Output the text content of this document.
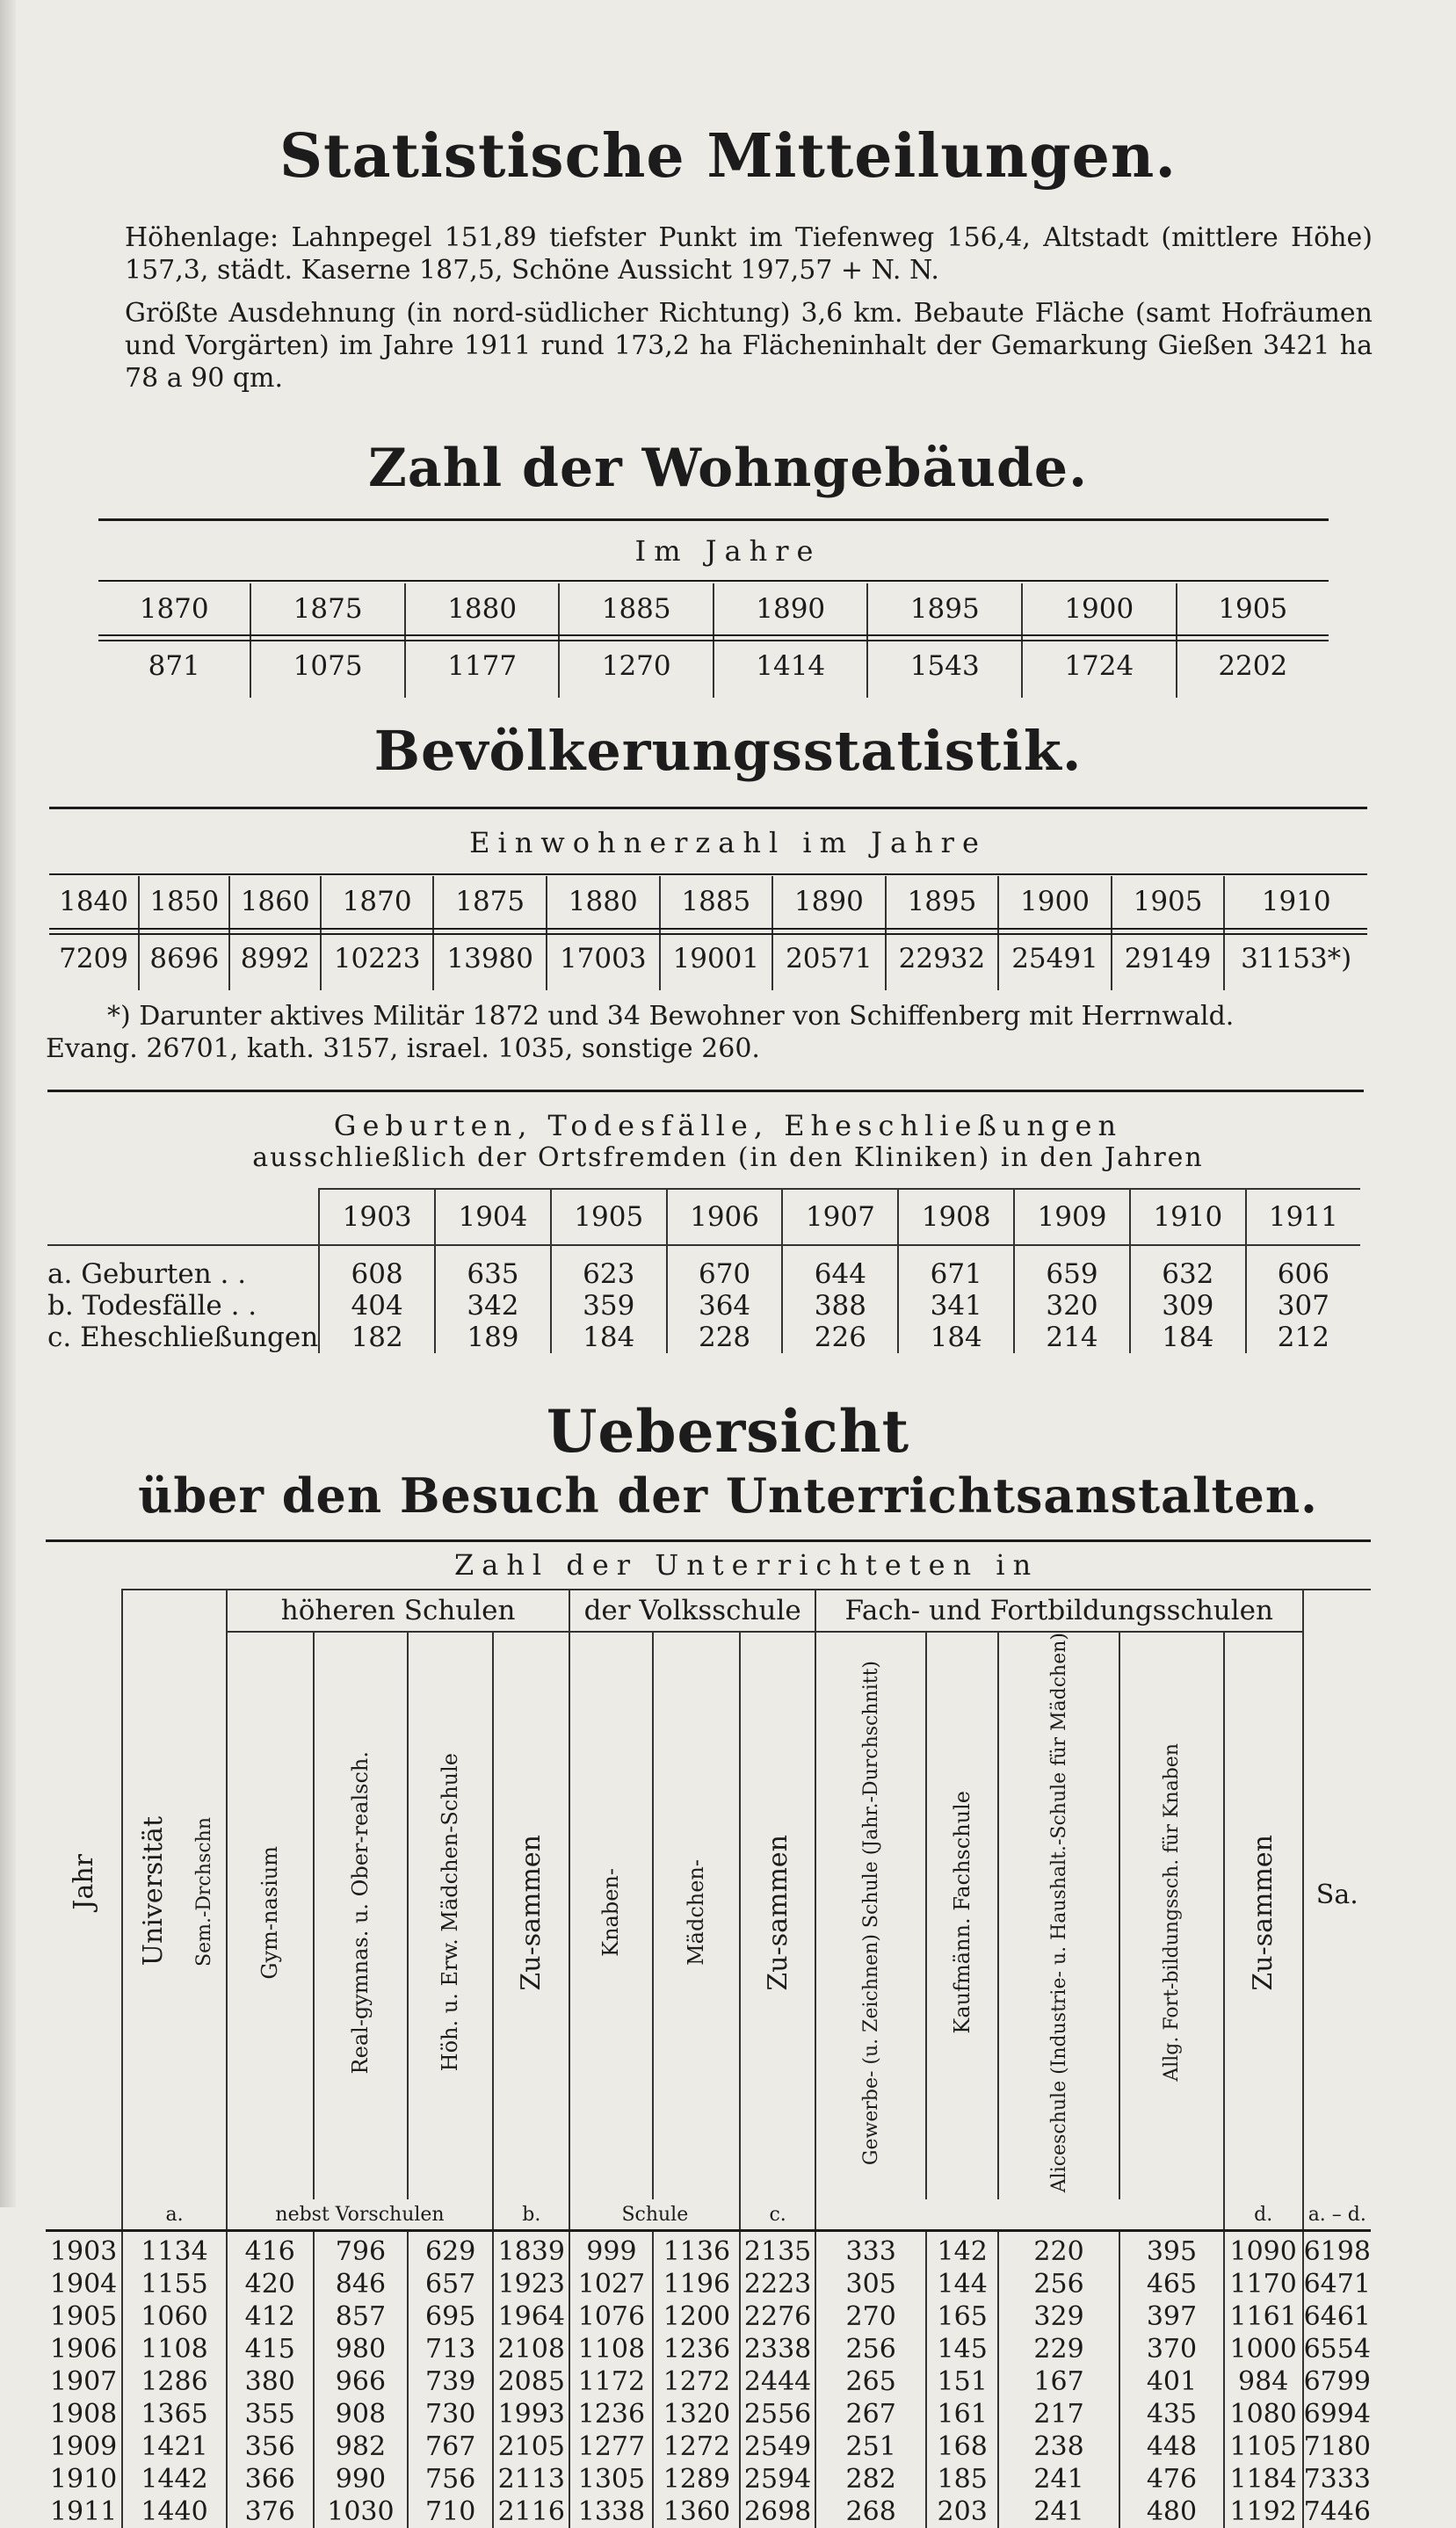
Statistische Mitteilungen.
Höhenlage: Lahnpegel 151,89 tiefster Punkt im Tiefenweg 156,4, Altstadt (mittlere Höhe) 157,3, städt. Kaserne 187,5, Schöne Aussicht 197,57 + N. N.
Größte Ausdehnung (in nord-südlicher Richtung) 3,6 km. Bebaute Fläche (samt Hofräumen und Vorgärten) im Jahre 1911 rund 173,2 ha Flächeninhalt der Gemarkung Gießen 3421 ha 78 a 90 qm.
Zahl der Wohngebäude.
Im Jahre
1870	1875	1880	1885	1890	1895	1900	1905
871	1075	1177	1270	1414	1543	1724	2202
Bevölkerungsstatistik.
Einwohnerzahl im Jahre
1840	1850	1860	1870	1875	1880	1885	1890	1895	1900	1905	1910
7209	8696	8992	10223	13980	17003	19001	20571	22932	25491	29149	31153*)
*) Darunter aktives Militär 1872 und 34 Bewohner von Schiffenberg mit Herrnwald.
Evang. 26701, kath. 3157, israel. 1035, sonstige 260.
Geburten, Todesfälle, Eheschließungen
ausschließlich der Ortsfremden (in den Kliniken) in den Jahren
	1903	1904	1905	1906	1907	1908	1909	1910	1911
a. Geburten . .	608	635	623	670	644	671	659	632	606
b. Todesfälle . .	404	342	359	364	388	341	320	309	307
c. Eheschließungen	182	189	184	228	226	184	214	184	212
Uebersicht
über den Besuch der Unterrichtsanstalten.
Jahr	Zahl der Unterrichteten in														
	Universität	Sem.-Drchschn	höheren Schulen				der Volksschule			Fach- und Fortbildungsschulen					Sa.
			Gym-nasium	Real-gymnas. u. Ober-realsch.	Höh. u. Erw. Mädchen-Schule	Zu-sammen	Knaben-	Mädchen-	Zu-sammen	Gewerbe- (u. Zeichnen) Schule (Jahr.-Durchschnitt)	Kaufmänn. Fachschule	Aliceschule (Industrie- u. Haushalt.-Schule für Mädchen)	Allg. Fort-bildungssch. für Knaben	Zu-sammen	
	a.		nebst Vorschulen			b.	Schule		c.					d.	a. – d.
1903	1134		416	796	629	1839	999	1136	2135	333	142	220	395	1090	6198
1904	1155		420	846	657	1923	1027	1196	2223	305	144	256	465	1170	6471
1905	1060		412	857	695	1964	1076	1200	2276	270	165	329	397	1161	6461
1906	1108		415	980	713	2108	1108	1236	2338	256	145	229	370	1000	6554
1907	1286		380	966	739	2085	1172	1272	2444	265	151	167	401	984	6799
1908	1365		355	908	730	1993	1236	1320	2556	267	161	217	435	1080	6994
1909	1421		356	982	767	2105	1277	1272	2549	251	168	238	448	1105	7180
1910	1442		366	990	756	2113	1305	1289	2594	282	185	241	476	1184	7333
1911	1440		376	1030	710	2116	1338	1360	2698	268	203	241	480	1192	7446
